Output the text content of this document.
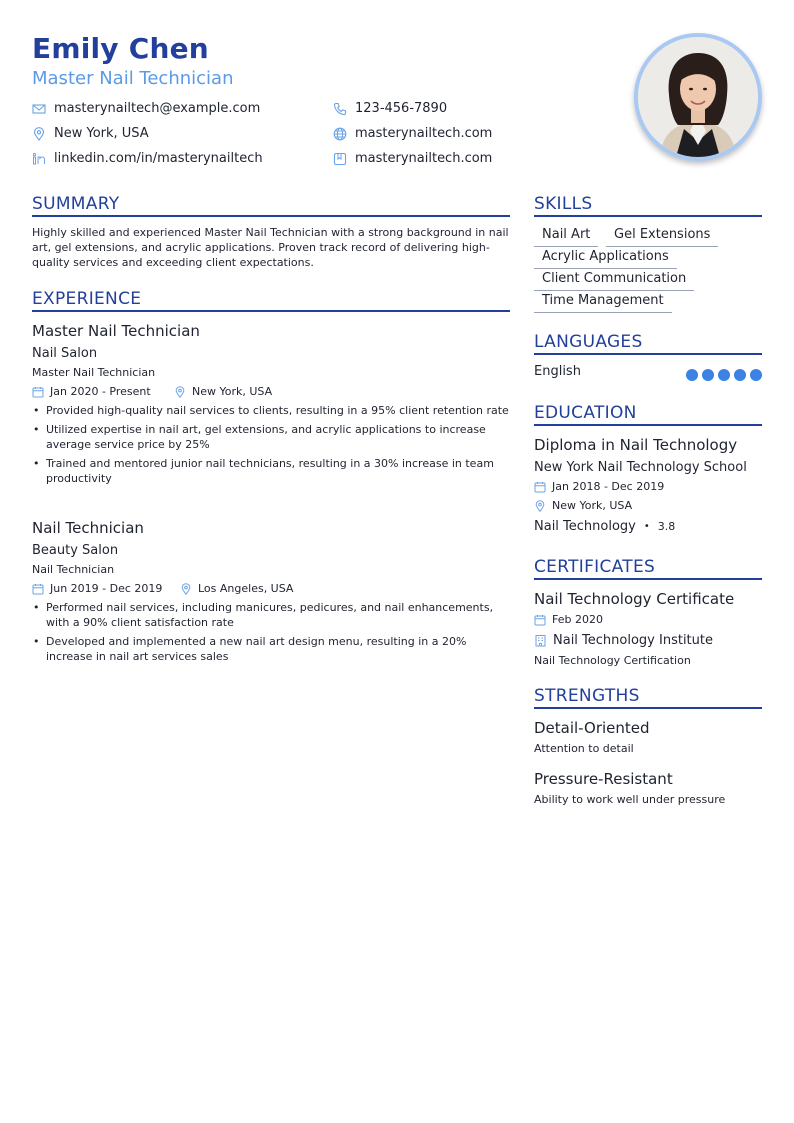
Emily Chen
Master Nail Technician
masterynailtech@example.com
New York, USA
linkedin.com/in/masterynailtech
123-456-7890
masterynailtech.com
masterynailtech.com
SUMMARY
Highly skilled and experienced Master Nail Technician with a strong background in nail art, gel extensions, and acrylic applications. Proven track record of delivering high-quality services and exceeding client expectations.
EXPERIENCE
Master Nail Technician
Nail Salon
Master Nail Technician
Jan 2020 - Present	New York, USA
• Provided high-quality nail services to clients, resulting in a 95% client retention rate
• Utilized expertise in nail art, gel extensions, and acrylic applications to increase average service price by 25%
• Trained and mentored junior nail technicians, resulting in a 30% increase in team productivity
Nail Technician
Beauty Salon
Nail Technician
Jun 2019 - Dec 2019	Los Angeles, USA
• Performed nail services, including manicures, pedicures, and nail enhancements, with a 90% client satisfaction rate
• Developed and implemented a new nail art design menu, resulting in a 20% increase in nail art services sales
SKILLS
Nail Art	Gel Extensions
Acrylic Applications
Client Communication
Time Management
LANGUAGES
English
EDUCATION
Diploma in Nail Technology
New York Nail Technology School
Jan 2018 - Dec 2019
New York, USA
Nail Technology • 3.8
CERTIFICATES
Nail Technology Certificate
Feb 2020
Nail Technology Institute
Nail Technology Certification
STRENGTHS
Detail-Oriented
Attention to detail
Pressure-Resistant
Ability to work well under pressure
